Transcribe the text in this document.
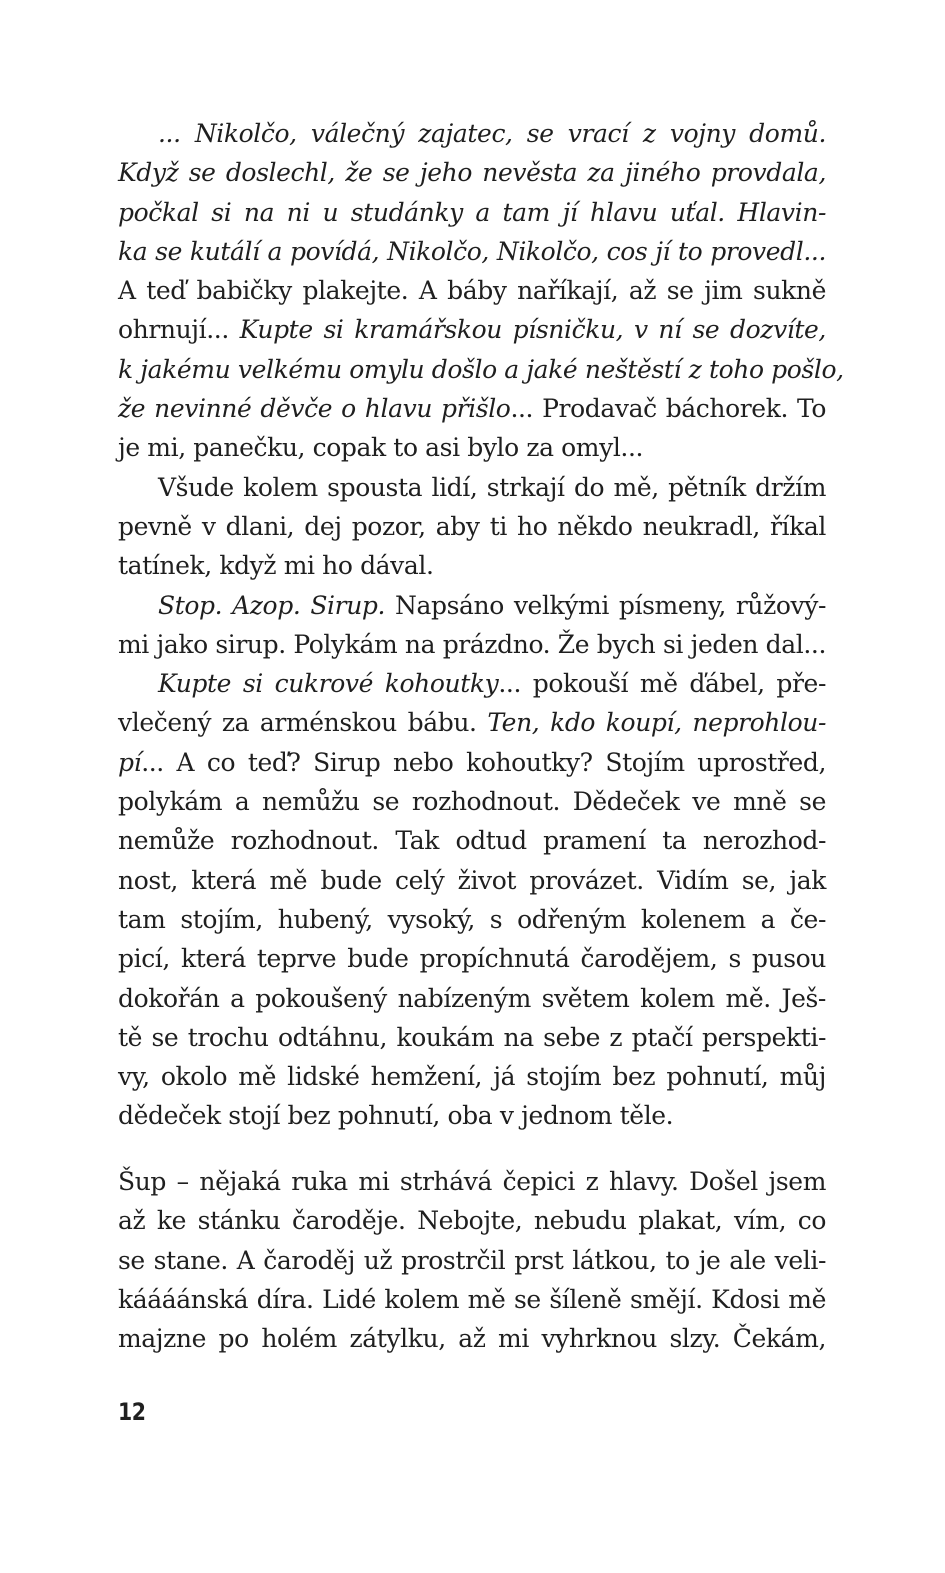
... Nikolčo, válečný zajatec, se vrací z vojny domů.
Když se doslechl, že se jeho nevěsta za jiného provdala,
počkal si na ni u studánky a tam jí hlavu uťal. Hlavin-
ka se kutálí a povídá, Nikolčo, Nikolčo, cos jí to provedl...
A teď babičky plakejte. A báby naříkají, až se jim sukně
ohrnují... Kupte si kramářskou písničku, v ní se dozvíte,
k jakému velkému omylu došlo a jaké neštěstí z toho pošlo,
že nevinné děvče o hlavu přišlo... Prodavač báchorek. To
je mi, panečku, copak to asi bylo za omyl...
Všude kolem spousta lidí, strkají do mě, pětník držím
pevně v dlani, dej pozor, aby ti ho někdo neukradl, říkal
tatínek, když mi ho dával.
Stop. Azop. Sirup. Napsáno velkými písmeny, růžový-
mi jako sirup. Polykám na prázdno. Že bych si jeden dal...
Kupte si cukrové kohoutky... pokouší mě ďábel, pře-
vlečený za arménskou bábu. Ten, kdo koupí, neprohlou-
pí... A co teď? Sirup nebo kohoutky? Stojím uprostřed,
polykám a nemůžu se rozhodnout. Dědeček ve mně se
nemůže rozhodnout. Tak odtud pramení ta nerozhod-
nost, která mě bude celý život provázet. Vidím se, jak
tam stojím, hubený, vysoký, s odřeným kolenem a če-
picí, která teprve bude propíchnutá čarodějem, s pusou
dokořán a pokoušený nabízeným světem kolem mě. Ješ-
tě se trochu odtáhnu, koukám na sebe z ptačí perspekti-
vy, okolo mě lidské hemžení, já stojím bez pohnutí, můj
dědeček stojí bez pohnutí, oba v jednom těle.
Šup – nějaká ruka mi strhává čepici z hlavy. Došel jsem
až ke stánku čaroděje. Nebojte, nebudu plakat, vím, co
se stane. A čaroděj už prostrčil prst látkou, to je ale veli-
káááánská díra. Lidé kolem mě se šíleně smějí. Kdosi mě
majzne po holém zátylku, až mi vyhrknou slzy. Čekám,
12
